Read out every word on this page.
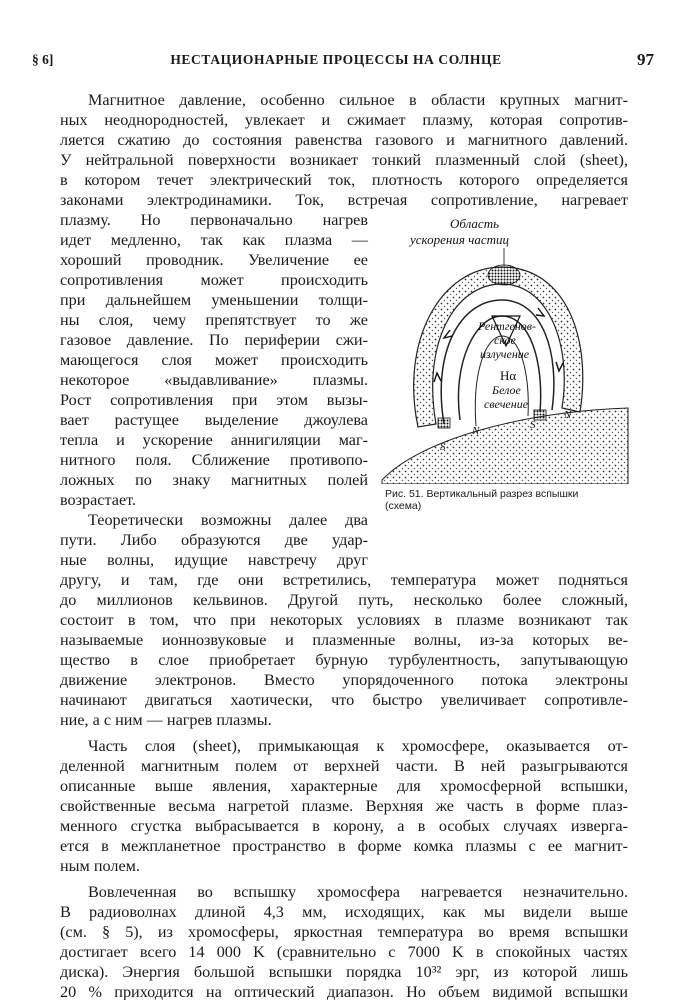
§ 6]	НЕСТАЦИОНАРНЫЕ ПРОЦЕССЫ НА СОЛНЦЕ	97
Магнитное давление, особенно сильное в области крупных магнит-
ных неоднородностей, увлекает и сжимает плазму, которая сопротив-
ляется сжатию до состояния равенства газового и магнитного давлений.
У нейтральной поверхности возникает тонкий плазменный слой (sheet),
в котором течет электрический ток, плотность которого определяется
законами электродинамики. Ток, встречая сопротивление, нагревает
плазму. Но первоначально нагрев
идет медленно, так как плазма —
хороший проводник. Увеличение ее
сопротивления может происходить
при дальнейшем уменьшении толщи-
ны слоя, чему препятствует то же
газовое давление. По периферии сжи-
мающегося слоя может происходить
некоторое «выдавливание» плазмы.
Рост сопротивления при этом вызы-
вает растущее выделение джоулева
тепла и ускорение аннигиляции маг-
нитного поля. Сближение противопо-
ложных по знаку магнитных полей
возрастает.
Теоретически возможны далее два
пути. Либо образуются две удар-
ные волны, идущие навстречу друг
другу, и там, где они встретились, температура может подняться
до миллионов кельвинов. Другой путь, несколько более сложный,
состоит в том, что при некоторых условиях в плазме возникают так
называемые ионнозвуковые и плазменные волны, из-за которых ве-
щество в слое приобретает бурную турбулентность, запутывающую
движение электронов. Вместо упорядоченного потока электроны
начинают двигаться хаотически, что быстро увеличивает сопротивле-
ние, а с ним — нагрев плазмы.
Часть слоя (sheet), примыкающая к хромосфере, оказывается от-
деленной магнитным полем от верхней части. В ней разыгрываются
описанные выше явления, характерные для хромосферной вспышки,
свойственные весьма нагретой плазме. Верхняя же часть в форме плаз-
менного сгустка выбрасывается в корону, а в особых случаях изверга-
ется в межпланетное пространство в форме комка плазмы с ее магнит-
ным полем.
Вовлеченная во вспышку хромосфера нагревается незначительно.
В радиоволнах длиной 4,3 мм, исходящих, как мы видели выше
(см. § 5), из хромосферы, яркостная температура во время вспышки
достигает всего 14 000 K (сравнительно с 7000 K в спокойных частях
диска). Энергия большой вспышки порядка 10³² эрг, из которой лишь
20 % приходится на оптический диапазон. Но объем видимой вспышки
Область
ускорения частиц
Рентгенов-
ское
излучение
Hα
Белое
свечение
N
S
S
N
Рис. 51. Вертикальный разрез вспышки
(схема)
